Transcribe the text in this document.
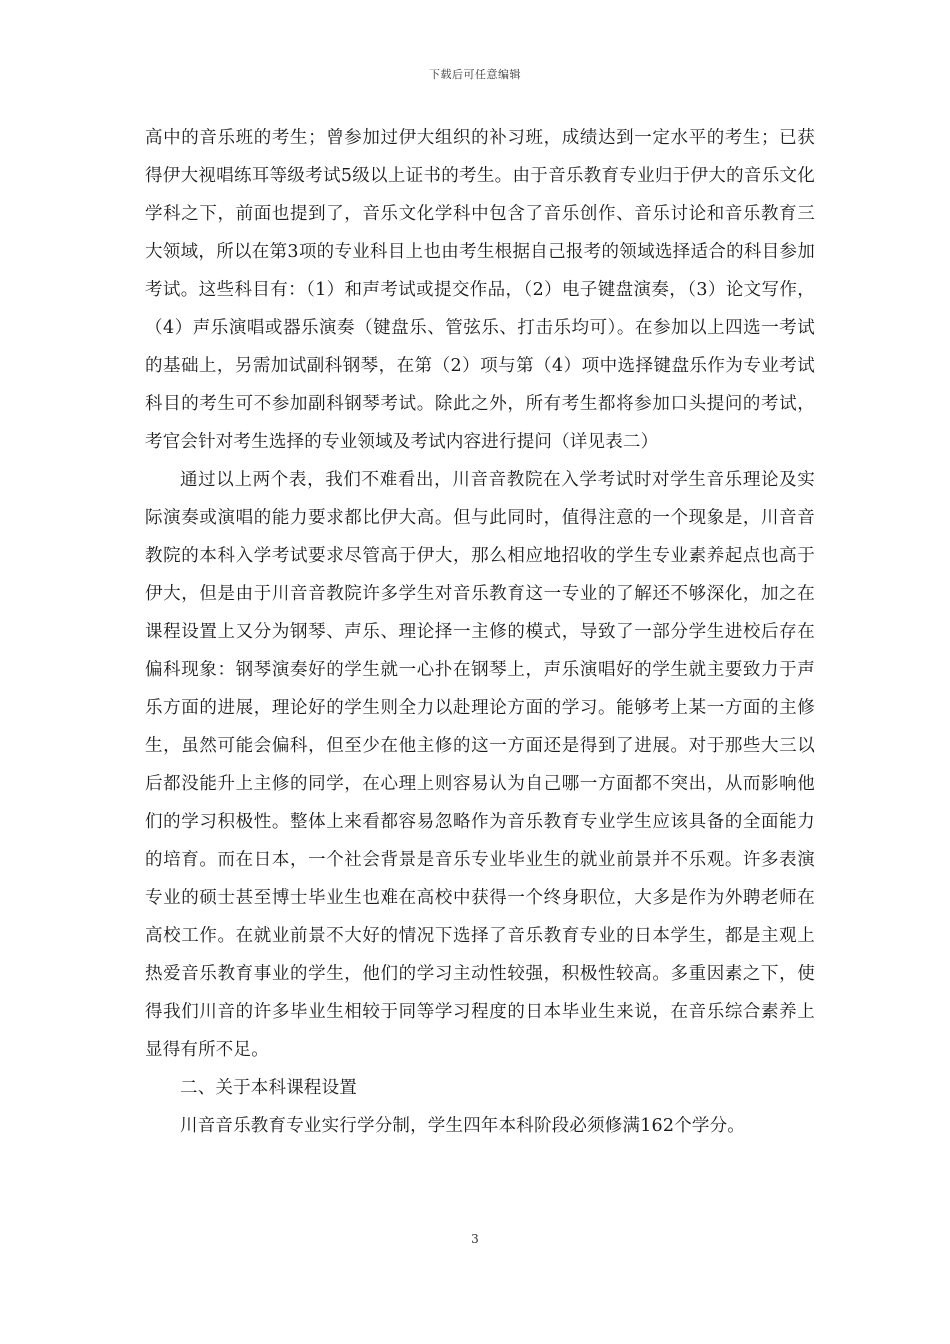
下载后可任意编辑

高中的音乐班的考生；曾参加过伊大组织的补习班，成绩达到一定水平的考生；已获得伊大视唱练耳等级考试5级以上证书的考生。由于音乐教育专业归于伊大的音乐文化学科之下，前面也提到了，音乐文化学科中包含了音乐创作、音乐讨论和音乐教育三大领域，所以在第3项的专业科目上也由考生根据自己报考的领域选择适合的科目参加考试。这些科目有：（1）和声考试或提交作品，（2）电子键盘演奏，（3）论文写作，（4）声乐演唱或器乐演奏（键盘乐、管弦乐、打击乐均可）。在参加以上四选一考试的基础上，另需加试副科钢琴，在第（2）项与第（4）项中选择键盘乐作为专业考试科目的考生可不参加副科钢琴考试。除此之外，所有考生都将参加口头提问的考试，考官会针对考生选择的专业领域及考试内容进行提问（详见表二）

通过以上两个表，我们不难看出，川音音教院在入学考试时对学生音乐理论及实际演奏或演唱的能力要求都比伊大高。但与此同时，值得注意的一个现象是，川音音教院的本科入学考试要求尽管高于伊大，那么相应地招收的学生专业素养起点也高于伊大，但是由于川音音教院许多学生对音乐教育这一专业的了解还不够深化，加之在课程设置上又分为钢琴、声乐、理论择一主修的模式，导致了一部分学生进校后存在偏科现象：钢琴演奏好的学生就一心扑在钢琴上，声乐演唱好的学生就主要致力于声乐方面的进展，理论好的学生则全力以赴理论方面的学习。能够考上某一方面的主修生，虽然可能会偏科，但至少在他主修的这一方面还是得到了进展。对于那些大三以后都没能升上主修的同学，在心理上则容易认为自己哪一方面都不突出，从而影响他们的学习积极性。整体上来看都容易忽略作为音乐教育专业学生应该具备的全面能力的培育。而在日本，一个社会背景是音乐专业毕业生的就业前景并不乐观。许多表演专业的硕士甚至博士毕业生也难在高校中获得一个终身职位，大多是作为外聘老师在高校工作。在就业前景不大好的情况下选择了音乐教育专业的日本学生，都是主观上热爱音乐教育事业的学生，他们的学习主动性较强，积极性较高。多重因素之下，使得我们川音的许多毕业生相较于同等学习程度的日本毕业生来说，在音乐综合素养上显得有所不足。

二、关于本科课程设置

川音音乐教育专业实行学分制，学生四年本科阶段必须修满162个学分。

3
